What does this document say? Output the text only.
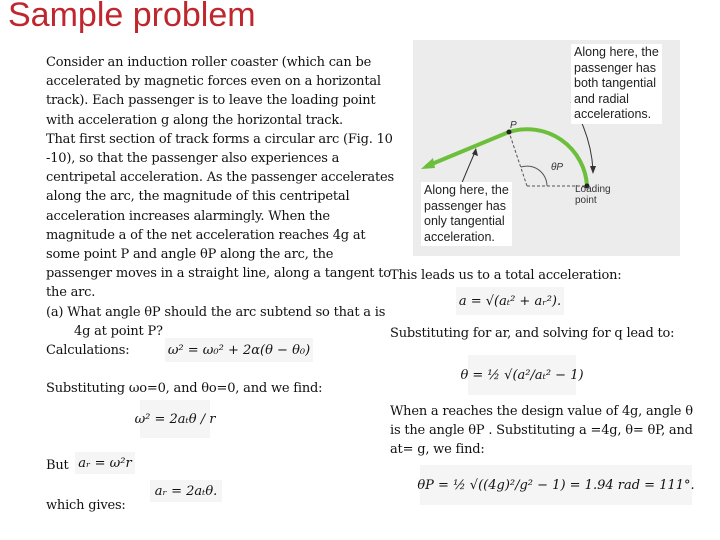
Sample problem
Consider an induction roller coaster (which can be
accelerated by magnetic forces even on a horizontal
track). Each passenger is to leave the loading point
with acceleration g along the horizontal track.
That first section of track forms a circular arc (Fig. 10
-10), so that the passenger also experiences a
centripetal acceleration. As the passenger accelerates
along the arc, the magnitude of this centripetal
acceleration increases alarmingly. When the
magnitude a of the net acceleration reaches 4g at
some point P and angle θP along the arc, the
passenger moves in a straight line, along a tangent to
the arc.
(a) What angle θP should the arc subtend so that a is
4g at point P?
Calculations:	ω² = ω₀² + 2α(θ − θ₀)
Substituting ωo=0, and θo=0, and we find:
ω² = 2aₜθ / r
But aᵣ = ω²r
which gives:
aᵣ = 2aₜθ.
Along here, the
passenger has
both tangential
and radial
accelerations.
Along here, the
passenger has
only tangential
acceleration.
P
θP
Loading
point
This leads us to a total acceleration:
a = √(aₜ² + aᵣ²).
Substituting for ar, and solving for q lead to:
θ = ½ √(a²/aₜ² − 1)
When a reaches the design value of 4g, angle θ
is the angle θP . Substituting a =4g, θ= θP, and
at= g, we find:
θP = ½ √((4g)²/g² − 1) = 1.94 rad = 111°.
